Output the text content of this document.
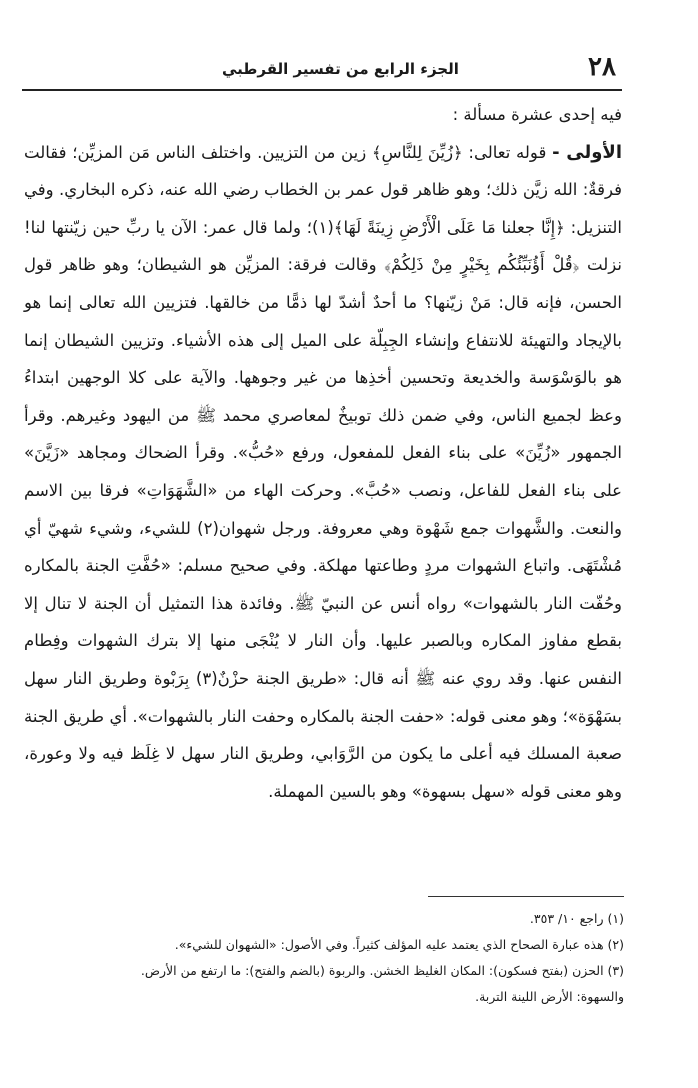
الجزء الرابع من تفسير القرطبي	٢٨

فيه إحدى عشرة مسألة :

الأولى - قوله تعالى: ﴿زُيِّنَ لِلنَّاسِ﴾ زين من التزيين. واختلف الناس مَن المزيِّن؛ فقالت فرقةٌ: الله زيَّن ذلك؛ وهو ظاهر قول عمر بن الخطاب رضي الله عنه، ذكره البخاري. وفي التنزيل: ﴿إِنَّا جعلنا مَا عَلَى الْأَرْضِ زِينَةً لَهَا﴾(١)؛ ولما قال عمر: الآن يا ربِّ حين زيّنتها لنا! نزلت ﴿قُلْ أَؤُنَبِّئُكُم بِخَيْرٍ مِنْ ذَلِكُمْ﴾ وقالت فرقة: المزيِّن هو الشيطان؛ وهو ظاهر قول الحسن، فإنه قال: مَنْ زيّنها؟ ما أحدٌ أشدّ لها ذمًّا من خالقها. فتزيين الله تعالى إنما هو بالإيجاد والتهيئة للانتفاع وإنشاء الجِبِلّة على الميل إلى هذه الأشياء. وتزيين الشيطان إنما هو بالوَسْوَسة والخديعة وتحسين أخذِها من غير وجوهها. والآية على كلا الوجهين ابتداءُ وعظ لجميع الناس، وفي ضمن ذلك توبيخٌ لمعاصري محمد ﷺ من اليهود وغيرهم. وقرأ الجمهور «زُيِّنَ» على بناء الفعل للمفعول، ورفع «حُبُّ». وقرأ الضحاك ومجاهد «زَيَّنَ» على بناء الفعل للفاعل، ونصب «حُبَّ». وحركت الهاء من «الشَّهَوَاتِ» فرقا بين الاسم والنعت. والشَّهوات جمع شَهْوة وهي معروفة. ورجل شهوان(٢) للشيء، وشيء شهيّ أي مُشْتَهَى. واتباع الشهوات مردٍ وطاعتها مهلكة. وفي صحيح مسلم: «حُفَّتِ الجنة بالمكاره وحُفّت النار بالشهوات» رواه أنس عن النبيّ ﷺ. وفائدة هذا التمثيل أن الجنة لا تنال إلا بقطع مفاوز المكاره وبالصبر عليها. وأن النار لا يُنْجَى منها إلا بترك الشهوات وفِطام النفس عنها. وقد روي عنه ﷺ أنه قال: «طريق الجنة حزْنٌ(٣) بِرَبْوة وطريق النار سهل بسَهْوَة»؛ وهو معنى قوله: «حفت الجنة بالمكاره وحفت النار بالشهوات». أي طريق الجنة صعبة المسلك فيه أعلى ما يكون من الرَّوَابي، وطريق النار سهل لا غِلَظ فيه ولا وعورة، وهو معنى قوله «سهل بسهوة» وهو بالسين المهملة.

(١) راجع ١٠/ ٣٥٣.

(٢) هذه عبارة الصحاح الذي يعتمد عليه المؤلف كثيراً. وفي الأصول: «الشهوان للشيء».

(٣) الحزن (بفتح فسكون): المكان الغليظ الخشن. والربوة (بالضم والفتح): ما ارتفع من الأرض.

والسهوة: الأرض اللينة التربة.
